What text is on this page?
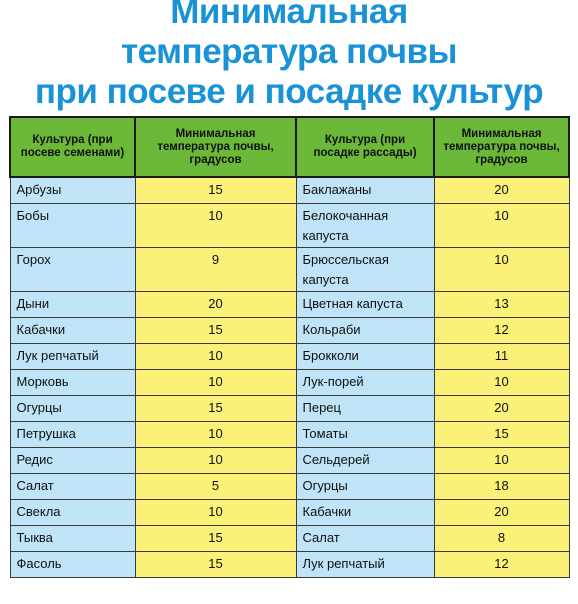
Минимальная
температура почвы
при посеве и посадке культур
Культура (при посеве семенами)	Минимальная температура почвы, градусов	Культура (при посадке рассады)	Минимальная температура почвы, градусов
Арбузы	15	Баклажаны	20
Бобы	10	Белокочанная капуста	10
Горох	9	Брюссельская капуста	10
Дыни	20	Цветная капуста	13
Кабачки	15	Кольраби	12
Лук репчатый	10	Брокколи	11
Морковь	10	Лук-порей	10
Огурцы	15	Перец	20
Петрушка	10	Томаты	15
Редис	10	Сельдерей	10
Салат	5	Огурцы	18
Свекла	10	Кабачки	20
Тыква	15	Салат	8
Фасоль	15	Лук репчатый	12
